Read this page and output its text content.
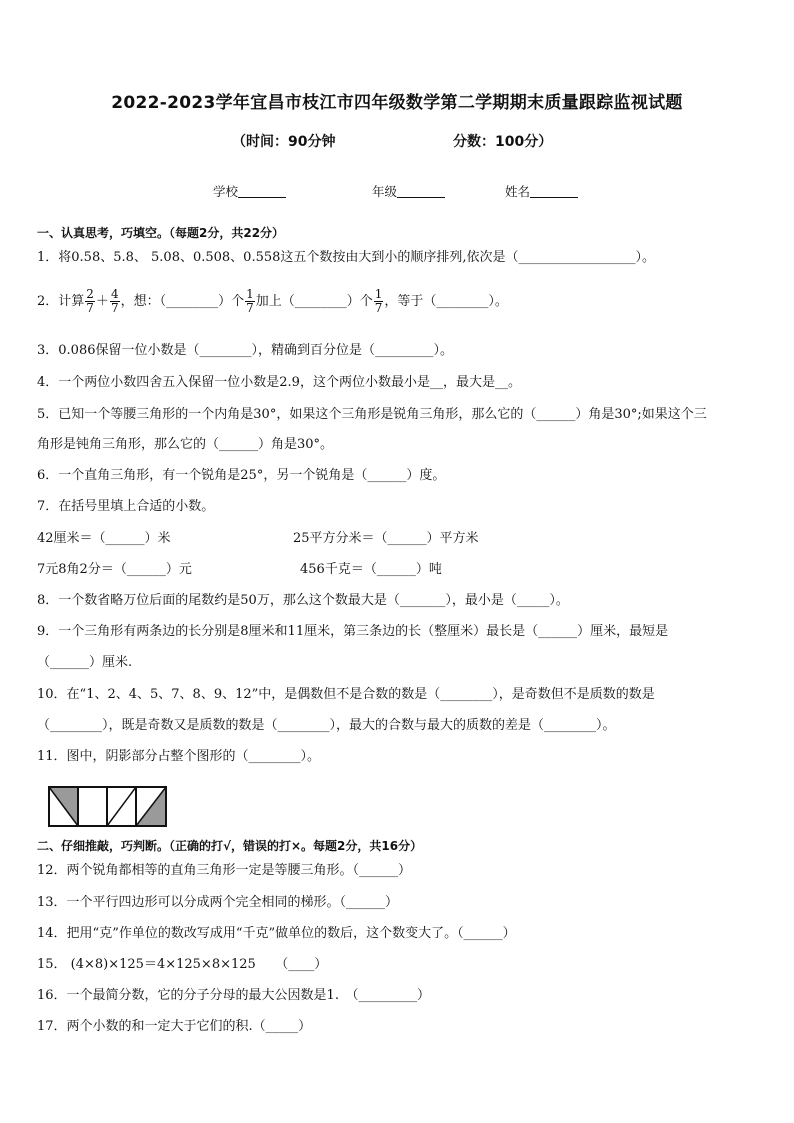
2022-2023学年宜昌市枝江市四年级数学第二学期期末质量跟踪监视试题
（时间：90分钟	分数：100分）
学校	年级	姓名
一、认真思考，巧填空。（每题2分，共22分）
1．将0.58、5.8、 5.08、0.508、0.558这五个数按由大到小的顺序排列,依次是（__________________）。
2．计算 $\frac{2}{7} + \frac{4}{7}$ ，想：（________）个 $\frac{1}{7}$ 加上（________）个 $\frac{1}{7}$ ，等于（________）。
3．0.086保留一位小数是（________），精确到百分位是（_________）。
4．一个两位小数四舍五入保留一位小数是2.9，这个两位小数最小是__，最大是__。
5．已知一个等腰三角形的一个内角是30°，如果这个三角形是锐角三角形，那么它的（______）角是30°;如果这个三
角形是钝角三角形，那么它的（______）角是30°。
6．一个直角三角形，有一个锐角是25°，另一个锐角是（______）度。
7．在括号里填上合适的小数。
42厘米＝（______）米	25平方分米＝（______）平方米
7元8角2分＝（______）元	456千克＝（______）吨
8．一个数省略万位后面的尾数约是50万，那么这个数最大是（_______），最小是（_____）。
9．一个三角形有两条边的长分别是8厘米和11厘米，第三条边的长（整厘米）最长是（______）厘米，最短是
（______）厘米.
10．在“1、2、4、5、7、8、9、12”中，是偶数但不是合数的数是（________），是奇数但不是质数的数是
（________），既是奇数又是质数的数是（________），最大的合数与最大的质数的差是（________）。
11．图中，阴影部分占整个图形的（________）。
二、仔细推敲，巧判断。（正确的打√，错误的打×。每题2分，共16分）
12．两个锐角都相等的直角三角形一定是等腰三角形。（______）
13．一个平行四边形可以分成两个完全相同的梯形。（______）
14．把用“克”作单位的数改写成用“千克”做单位的数后，这个数变大了。（______）
15． (4×8)×125＝4×125×8×125　　（____）
16．一个最简分数，它的分子分母的最大公因数是1.　（_________）
17．两个小数的和一定大于它们的积.（_____）
